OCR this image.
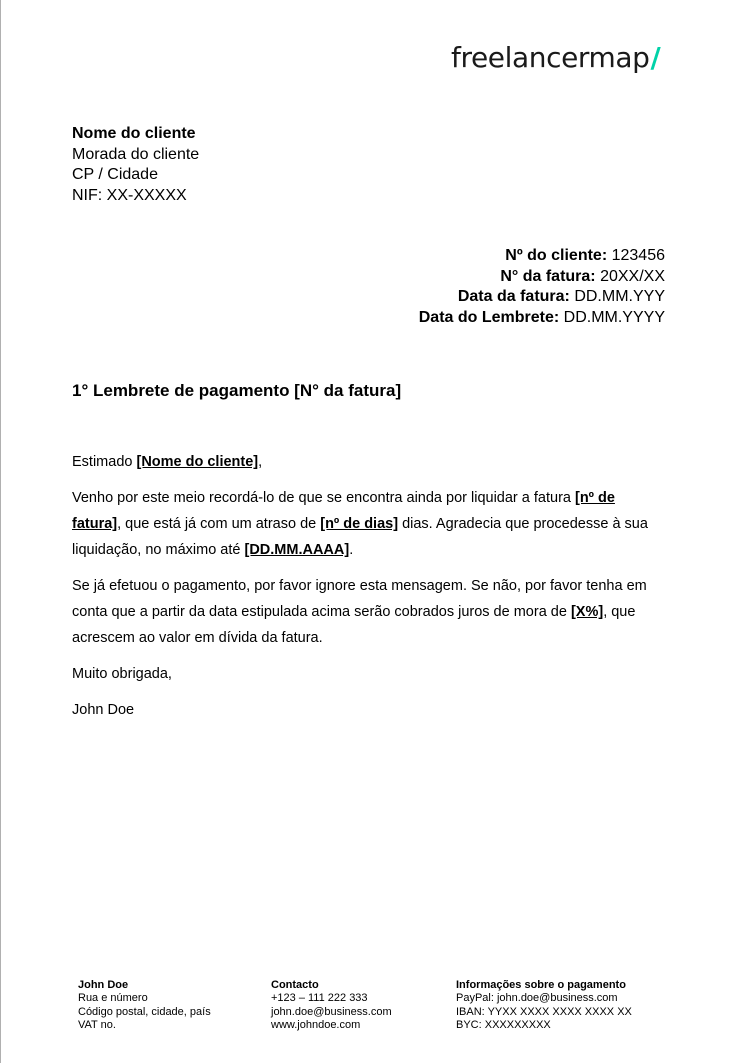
freelancermap/
Nome do cliente
Morada do cliente
CP / Cidade
NIF: XX-XXXXX
Nº do cliente: 123456
N° da fatura: 20XX/XX
Data da fatura: DD.MM.YYY
Data do Lembrete: DD.MM.YYYY
1° Lembrete de pagamento [N° da fatura]

Estimado [Nome do cliente],

Venho por este meio recordá-lo de que se encontra ainda por liquidar a fatura [nº de fatura], que está já com um atraso de [nº de dias] dias. Agradecia que procedesse à sua liquidação, no máximo até [DD.MM.AAAA].

Se já efetuou o pagamento, por favor ignore esta mensagem. Se não, por favor tenha em conta que a partir da data estipulada acima serão cobrados juros de mora de [X%], que acrescem ao valor em dívida da fatura.

Muito obrigada,

John Doe

John Doe
Rua e número
Código postal, cidade, país
VAT no.
Contacto
+123 – 111 222 333
john.doe@business.com
www.johndoe.com
Informações sobre o pagamento
PayPal: john.doe@business.com
IBAN: YYXX XXXX XXXX XXXX XX
BYC: XXXXXXXXX
